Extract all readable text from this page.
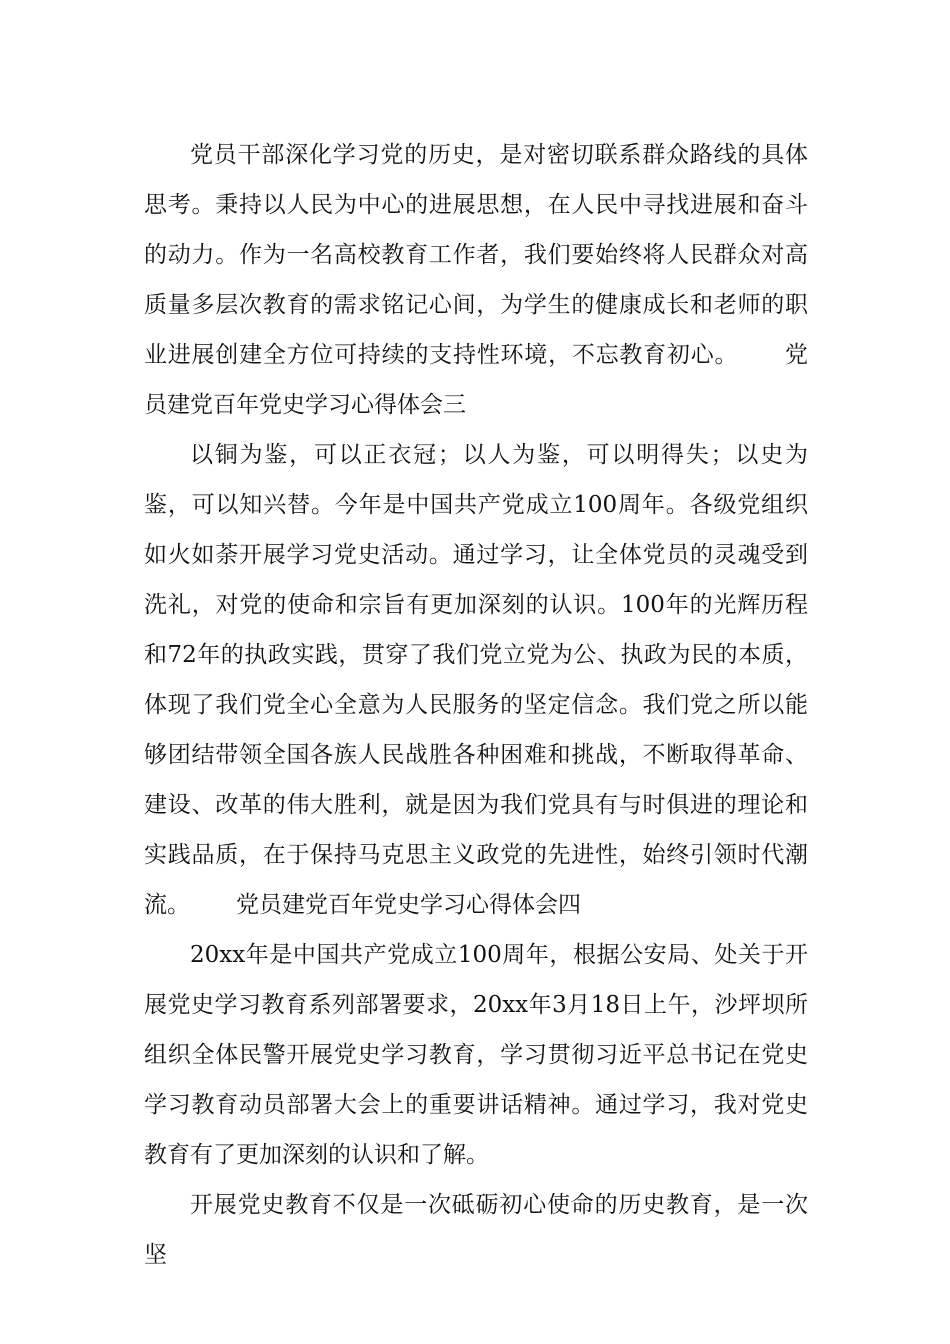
党员干部深化学习党的历史，是对密切联系群众路线的具体思考。秉持以人民为中心的进展思想，在人民中寻找进展和奋斗的动力。作为一名高校教育工作者，我们要始终将人民群众对高质量多层次教育的需求铭记心间，为学生的健康成长和老师的职业进展创建全方位可持续的支持性环境，不忘教育初心。 党员建党百年党史学习心得体会三

以铜为鉴，可以正衣冠；以人为鉴，可以明得失；以史为鉴，可以知兴替。今年是中国共产党成立100周年。各级党组织如火如荼开展学习党史活动。通过学习，让全体党员的灵魂受到洗礼，对党的使命和宗旨有更加深刻的认识。100年的光辉历程和72年的执政实践，贯穿了我们党立党为公、执政为民的本质，体现了我们党全心全意为人民服务的坚定信念。我们党之所以能够团结带领全国各族人民战胜各种困难和挑战，不断取得革命、建设、改革的伟大胜利，就是因为我们党具有与时俱进的理论和实践品质，在于保持马克思主义政党的先进性，始终引领时代潮流。 党员建党百年党史学习心得体会四

20xx年是中国共产党成立100周年，根据公安局、处关于开展党史学习教育系列部署要求，20xx年3月18日上午，沙坪坝所组织全体民警开展党史学习教育，学习贯彻习近平总书记在党史学习教育动员部署大会上的重要讲话精神。通过学习，我对党史教育有了更加深刻的认识和了解。

开展党史教育不仅是一次砥砺初心使命的历史教育，是一次坚
